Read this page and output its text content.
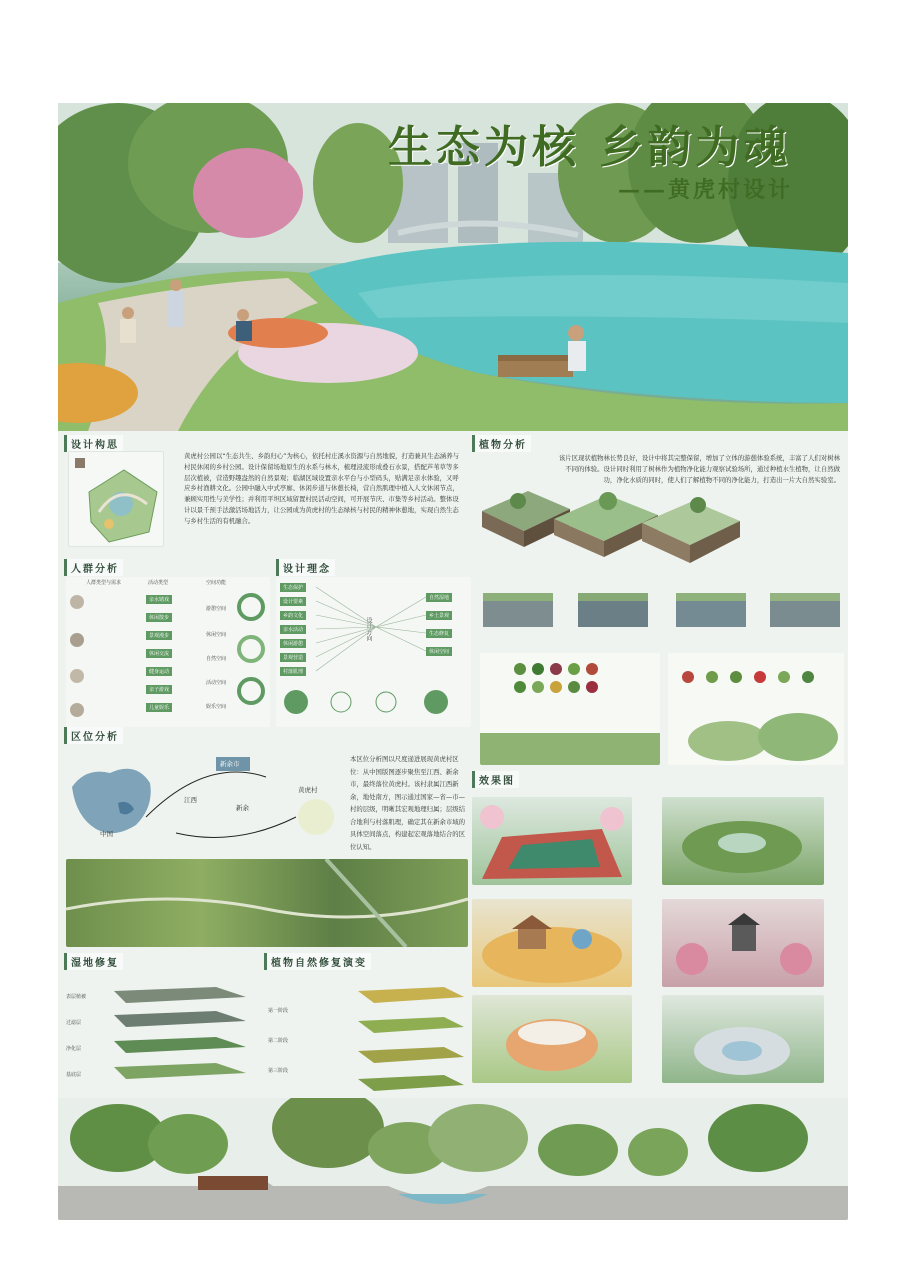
生态为核 乡韵为魂
——黄虎村设计
设计构思
黄虎村公园以“生态共生、乡韵归心”为核心，依托村庄溪水资源与自然地貌，打造兼具生态涵养与村民休闲的乡村公园。设计保留场地原生的水系与林木，梳理浸流形成叠石水景，搭配芦苇草等多层次植被，营造野趣盎然的自然景观；临湖区域设置亲水平台与小型码头，贴满足亲水体验，又呼应乡村渔耕文化。公园中融入中式亭廊、休闲步道与休憩长椅，营自然肌理中植入人文休闲节点，兼顾实用性与美学性；并利用平坦区域留置村民活动空间，可开展节庆、市集等乡村活动。整体设计以景千预手法激活场地活力，让公园成为黄虎村的生态绿核与村民的精神休憩地，实现自然生态与乡村生活的有机融合。
植物分析
该片区现状植物林长势良好，设计中将其完整保留，增加了立体的游憩体验系统，丰富了人们对树林不同的体验。设计同时利用了树林作为植物净化能力观察试验场所，通过种植水生植物，让自然做功，净化水质的同时，使人们了解植物不同的净化能力，打造出一片大自然实验室。
人群分析
人群类型与需求	活动类型	空间功能
亲水嬉戏
休闲散步
景观漫步
休闲交流
健身运动
亲子游戏
儿童娱乐
游憩空间
休闲空间
自然空间
活动空间
娱乐空间
设计理念
生态保护
设计要素
乡韵文化
亲水活动
休闲游憩
景观营造
村落肌理
设计方向
自然湿地
乡土景观
生态修复
休闲空间
区位分析
中国
江西
新余
黄虎村
新余市
本区位分析图以尺度递进展现黄虎村区位：从中国版图逐步聚焦至江西、新余市，最终落位黄虎村。该村隶属江西新余，地处南方，图示通过国家—省—市—村的层级，明晰其宏观地理归属；层级结合地利与村落肌理，确定其在新余市域的具体空间落点，构建起宏观落地结合的区位认知。
效果图
湿地修复
表层植被
过滤层
净化层
基底层
植物自然修复演变
第一阶段
第二阶段
第三阶段
